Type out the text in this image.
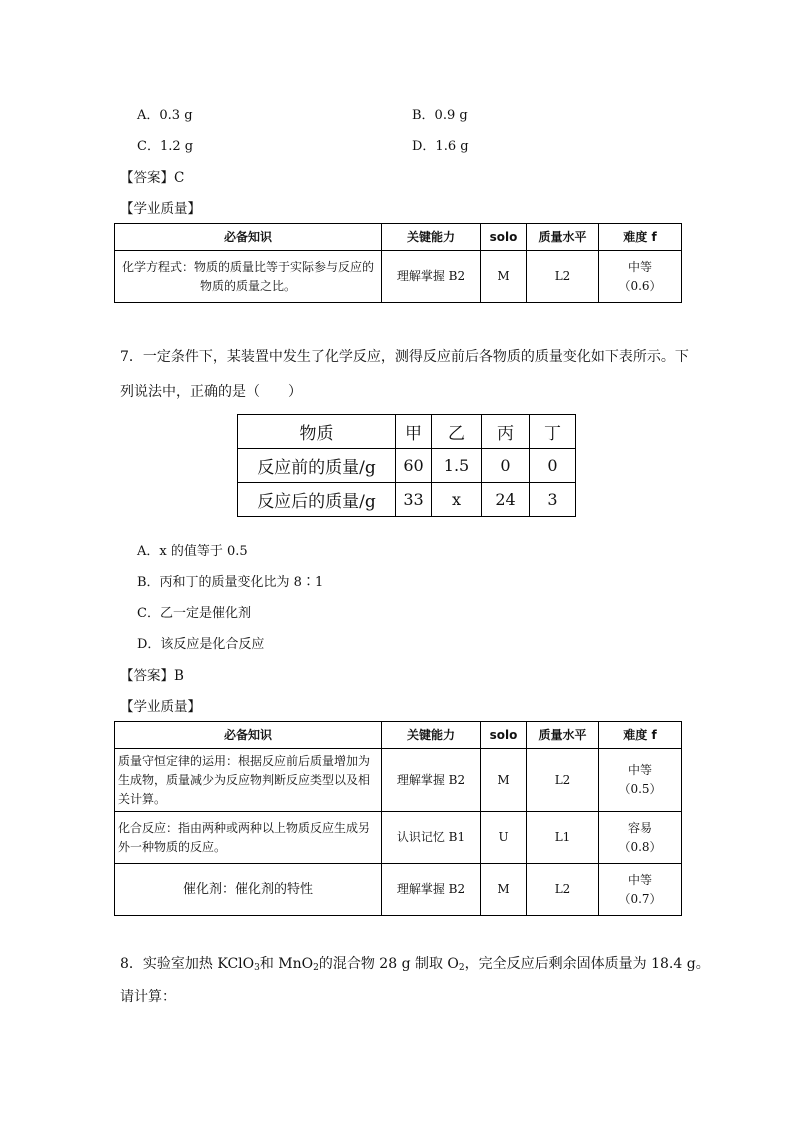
A．0.3 g	B．0.9 g
C．1.2 g	D．1.6 g
【答案】C
【学业质量】
必备知识	关键能力	solo	质量水平	难度 f
化学方程式：物质的质量比等于实际参与反应的物质的质量之比。	理解掌握 B2	M	L2	中等
（0.6）
7．一定条件下，某装置中发生了化学反应，测得反应前后各物质的质量变化如下表所示。下
列说法中，正确的是（　　）
物质	甲	乙	丙	丁
反应前的质量/g	60	1.5	0	0
反应后的质量/g	33	x	24	3
A．x 的值等于 0.5
B．丙和丁的质量变化比为 8∶1
C．乙一定是催化剂
D．该反应是化合反应
【答案】B
【学业质量】
必备知识	关键能力	solo	质量水平	难度 f
质量守恒定律的运用：根据反应前后质量增加为生成物，质量减少为反应物判断反应类型以及相关计算。	理解掌握 B2	M	L2	中等
（0.5）

化合反应：指由两种或两种以上物质反应生成另外一种物质的反应。	认识记忆 B1	U	L1	容易
（0.8）

催化剂：催化剂的特性	理解掌握 B2	M	L2	中等
（0.7）
8．实验室加热 KClO$_3$和 MnO$_2$的混合物 28 g 制取 $O_2$，完全反应后剩余固体质量为 18.4 g。
请计算：
